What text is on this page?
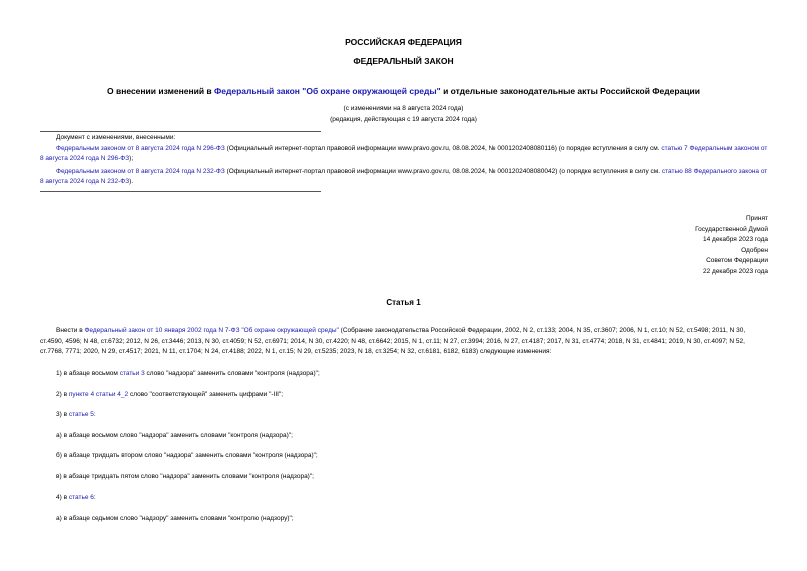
РОССИЙСКАЯ ФЕДЕРАЦИЯ
ФЕДЕРАЛЬНЫЙ ЗАКОН
О внесении изменений в Федеральный закон "Об охране окружающей среды" и отдельные законодательные акты Российской Федерации
(с изменениями на 8 августа 2024 года)
(редакция, действующая с 19 августа 2024 года)
Документ с изменениями, внесенными:
Федеральным законом от 8 августа 2024 года N 296-ФЗ (Официальный интернет-портал правовой информации www.pravo.gov.ru, 08.08.2024, № 0001202408080116) (о порядке вступления в силу см. статью 7 Федеральным законом от 8 августа 2024 года N 296-ФЗ);
Федеральным законом от 8 августа 2024 года N 232-ФЗ (Официальный интернет-портал правовой информации www.pravo.gov.ru, 08.08.2024, № 0001202408080042) (о порядке вступления в силу см. статью 88 Федерального закона от 8 августа 2024 года N 232-ФЗ).
Принят
Государственной Думой
14 декабря 2023 года
Одобрен
Советом Федерации
22 декабря 2023 года
Статья 1
Внести в Федеральный закон от 10 января 2002 года N 7-ФЗ "Об охране окружающей среды" (Собрание законодательства Российской Федерации, 2002, N 2, ст.133; 2004, N 35, ст.3607; 2006, N 1, ст.10; N 52, ст.5498; 2011, N 30, ст.4590, 4596; N 48, ст.6732; 2012, N 26, ст.3446; 2013, N 30, ст.4059; N 52, ст.6971; 2014, N 30, ст.4220; N 48, ст.6642; 2015, N 1, ст.11; N 27, ст.3994; 2016, N 27, ст.4187; 2017, N 31, ст.4774; 2018, N 31, ст.4841; 2019, N 30, ст.4097; N 52, ст.7768, 7771; 2020, N 29, ст.4517; 2021, N 11, ст.1704; N 24, ст.4188; 2022, N 1, ст.15; N 29, ст.5235; 2023, N 18, ст.3254; N 32, ст.6181, 6182, 6183) следующие изменения:
1) в абзаце восьмом статьи 3 слово "надзора" заменить словами "контроля (надзора)";
2) в пункте 4 статьи 4_2 слово "соответствующей" заменить цифрами "-III";
3) в статье 5:
а) в абзаце восьмом слово "надзора" заменить словами "контроля (надзора)";
б) в абзаце тридцать втором слово "надзора" заменить словами "контроля (надзора)";
в) в абзаце тридцать пятом слово "надзора" заменить словами "контроля (надзора)";
4) в статье 6:
а) в абзаце седьмом слово "надзору" заменить словами "контролю (надзору)";
